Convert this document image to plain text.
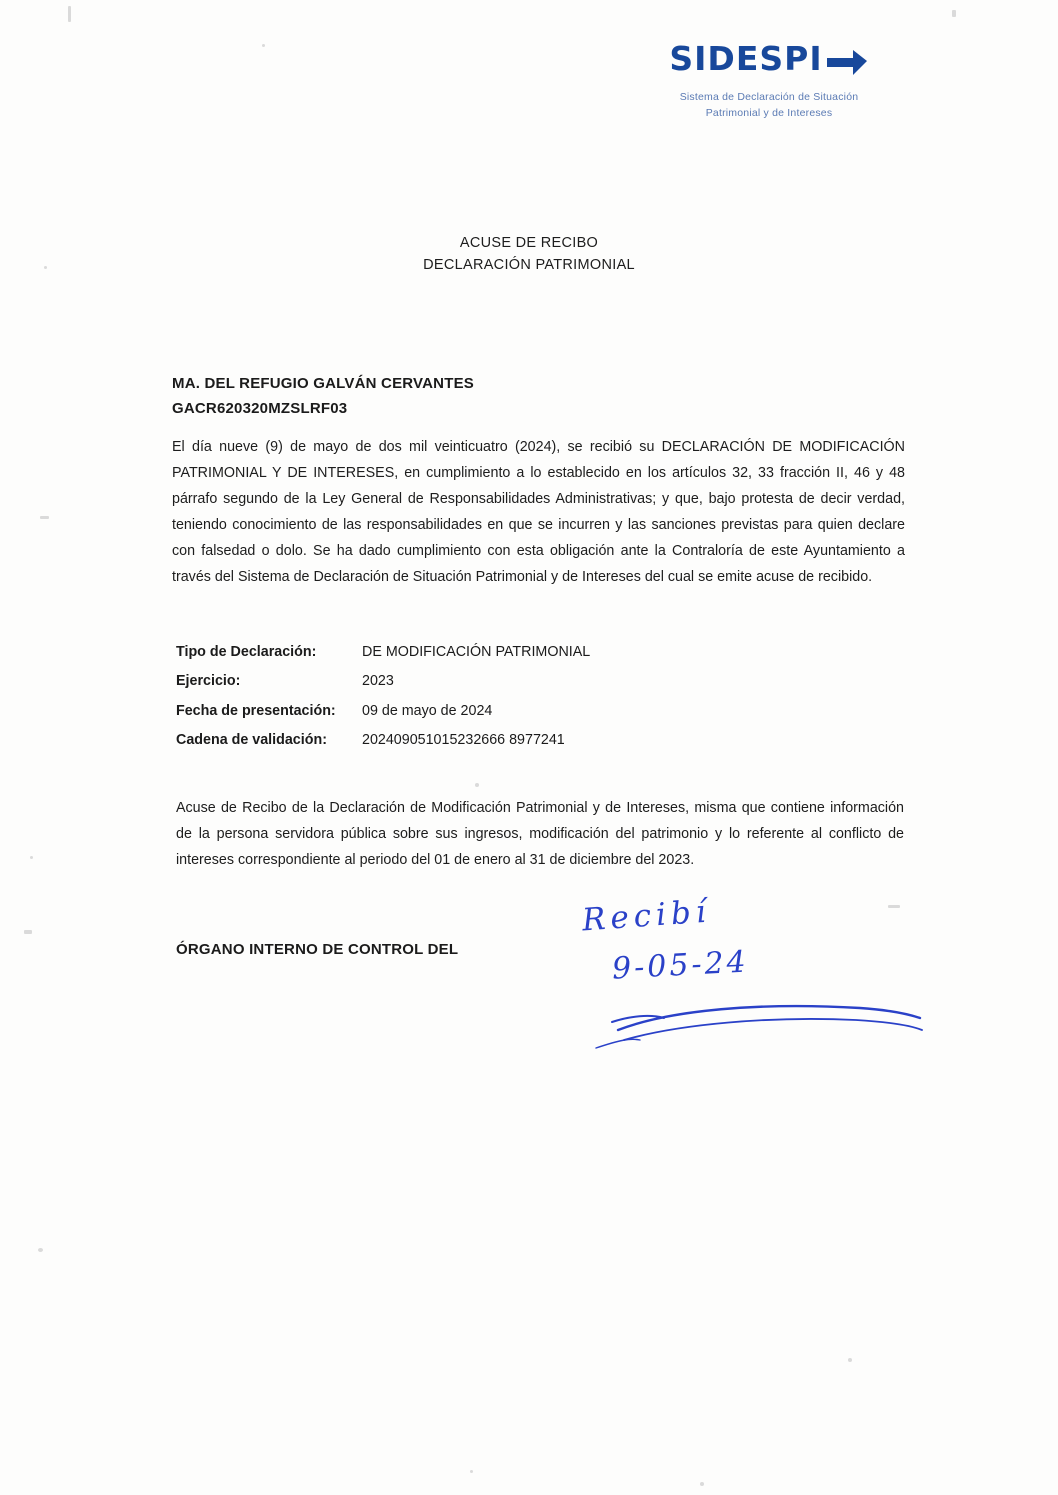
SIDESPI
Sistema de Declaración de Situación
Patrimonial y de Intereses
ACUSE DE RECIBO
DECLARACIÓN PATRIMONIAL
MA. DEL REFUGIO GALVÁN CERVANTES
GACR620320MZSLRF03
El día nueve (9) de mayo de dos mil veinticuatro (2024), se recibió su DECLARACIÓN DE MODIFICACIÓN PATRIMONIAL Y DE INTERESES, en cumplimiento a lo establecido en los artículos 32, 33 fracción II, 46 y 48 párrafo segundo de la Ley General de Responsabilidades Administrativas; y que, bajo protesta de decir verdad, teniendo conocimiento de las responsabilidades en que se incurren y las sanciones previstas para quien declare con falsedad o dolo. Se ha dado cumplimiento con esta obligación ante la Contraloría de este Ayuntamiento a través del Sistema de Declaración de Situación Patrimonial y de Intereses del cual se emite acuse de recibido.
Tipo de Declaración:	DE MODIFICACIÓN PATRIMONIAL
Ejercicio:	2023
Fecha de presentación:	09 de mayo de 2024
Cadena de validación:	202409051015232666 8977241
Acuse de Recibo de la Declaración de Modificación Patrimonial y de Intereses, misma que contiene información de la persona servidora pública sobre sus ingresos, modificación del patrimonio y lo referente al conflicto de intereses correspondiente al periodo del 01 de enero al 31 de diciembre del 2023.
ÓRGANO INTERNO DE CONTROL DEL
Recibí
9-05-24
